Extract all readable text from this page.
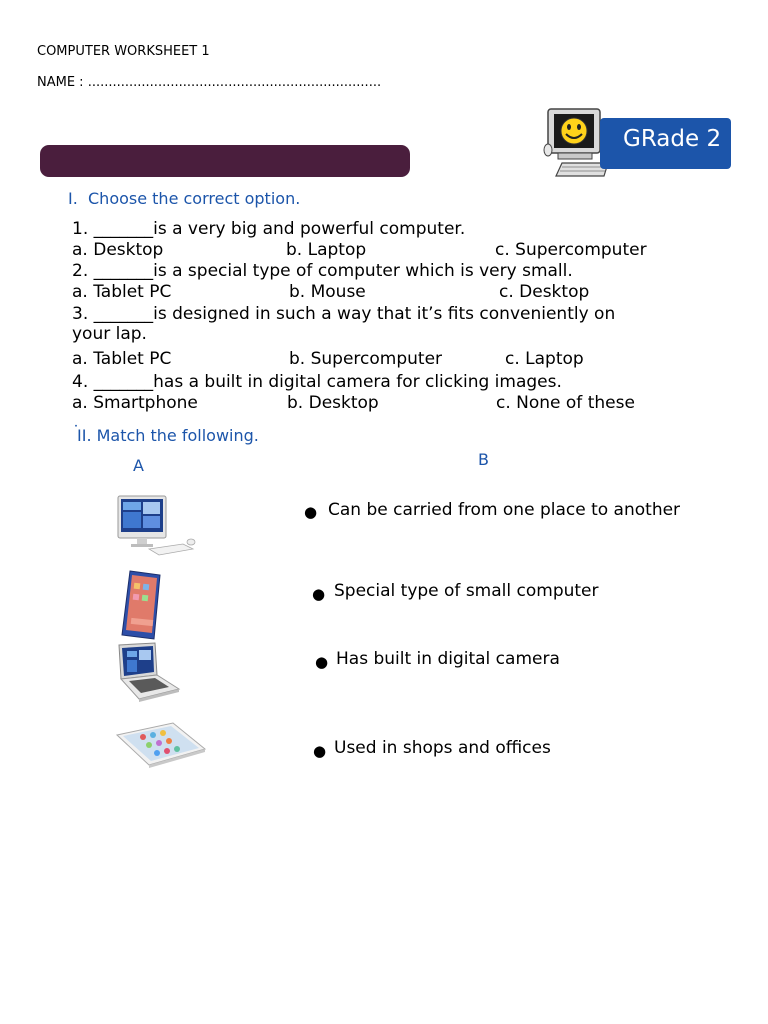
COMPUTER WORKSHEET 1
NAME : .......................................................................
GRade 2
I. Choose the correct option.
1. _______is a very big and powerful computer.
a. Desktop	b. Laptop	c. Supercomputer
2. _______is a special type of computer which is very small.
a. Tablet PC	b. Mouse	c. Desktop
3. _______is designed in such a way that it’s fits conveniently on
your lap.
a. Tablet PC	b. Supercomputer	c. Laptop
4. _______has a built in digital camera for clicking images.
a. Smartphone	b. Desktop	c. None of these
˙
II. Match the following.
A	B
● Can be carried from one place to another
● Special type of small computer
● Has built in digital camera
● Used in shops and offices
